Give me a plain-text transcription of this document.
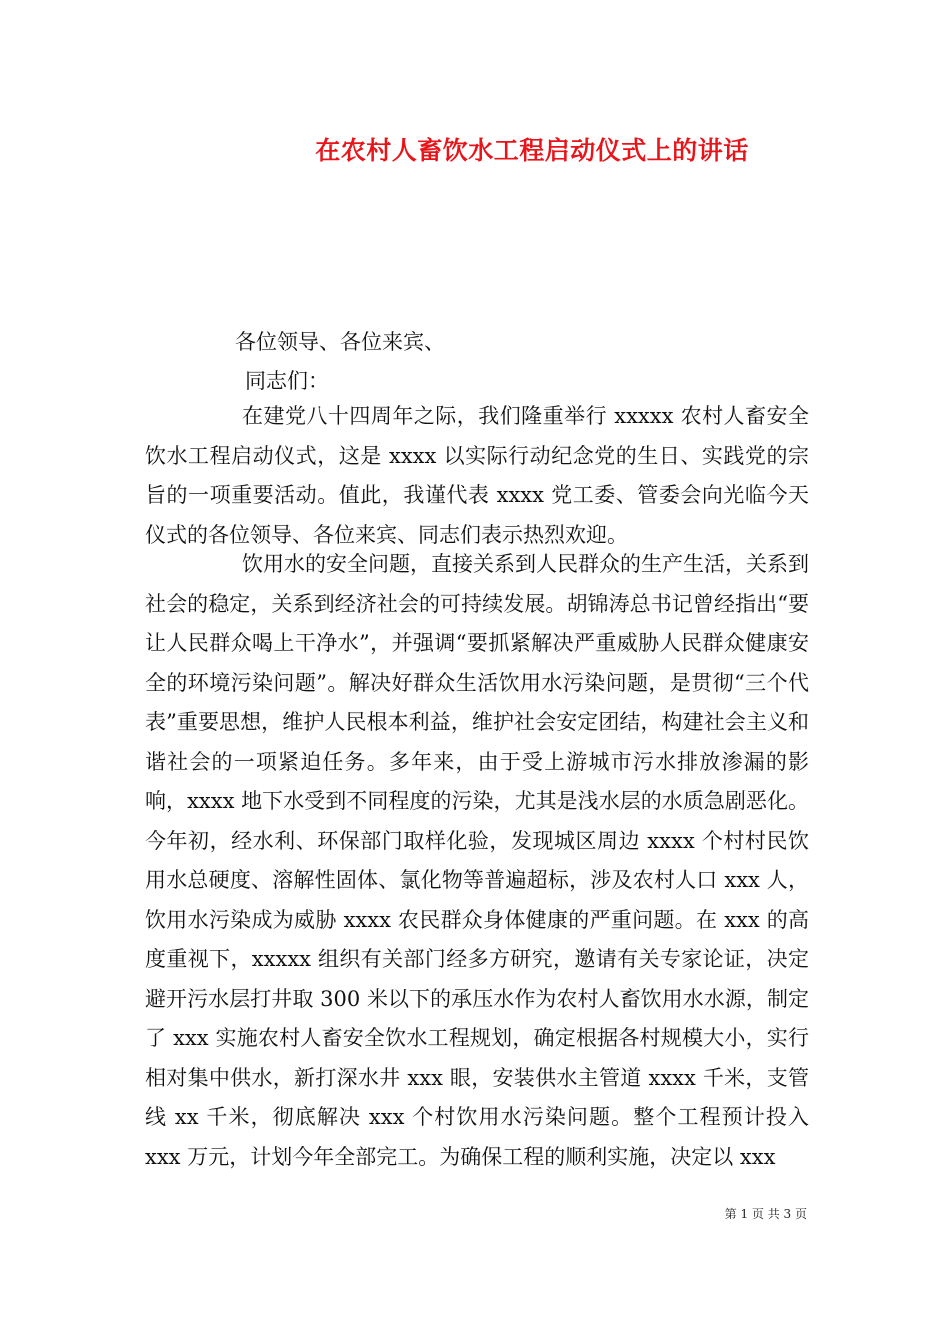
在农村人畜饮水工程启动仪式上的讲话
各位领导、各位来宾、
同志们：

在建党八十四周年之际，我们隆重举行 xxxxx 农村人畜安全饮水工程启动仪式，这是 xxxx 以实际行动纪念党的生日、实践党的宗旨的一项重要活动。值此，我谨代表 xxxx 党工委、管委会向光临今天仪式的各位领导、各位来宾、同志们表示热烈欢迎。

饮用水的安全问题，直接关系到人民群众的生产生活，关系到社会的稳定，关系到经济社会的可持续发展。胡锦涛总书记曾经指出“要让人民群众喝上干净水”，并强调“要抓紧解决严重威胁人民群众健康安全的环境污染问题”。解决好群众生活饮用水污染问题，是贯彻“三个代表”重要思想，维护人民根本利益，维护社会安定团结，构建社会主义和谐社会的一项紧迫任务。多年来，由于受上游城市污水排放渗漏的影响，xxxx 地下水受到不同程度的污染，尤其是浅水层的水质急剧恶化。今年初，经水利、环保部门取样化验，发现城区周边 xxxx 个村村民饮用水总硬度、溶解性固体、氯化物等普遍超标，涉及农村人口 xxx 人，饮用水污染成为威胁 xxxx 农民群众身体健康的严重问题。在 xxx 的高度重视下，xxxxx 组织有关部门经多方研究，邀请有关专家论证，决定避开污水层打井取 300 米以下的承压水作为农村人畜饮用水水源，制定了 xxx 实施农村人畜安全饮水工程规划，确定根据各村规模大小，实行相对集中供水，新打深水井 xxx 眼，安装供水主管道 xxxx 千米，支管线 xx 千米，彻底解决 xxx 个村饮用水污染问题。整个工程预计投入 xxx 万元，计划今年全部完工。为确保工程的顺利实施，决定以 xxx

第 1 页 共 3 页
